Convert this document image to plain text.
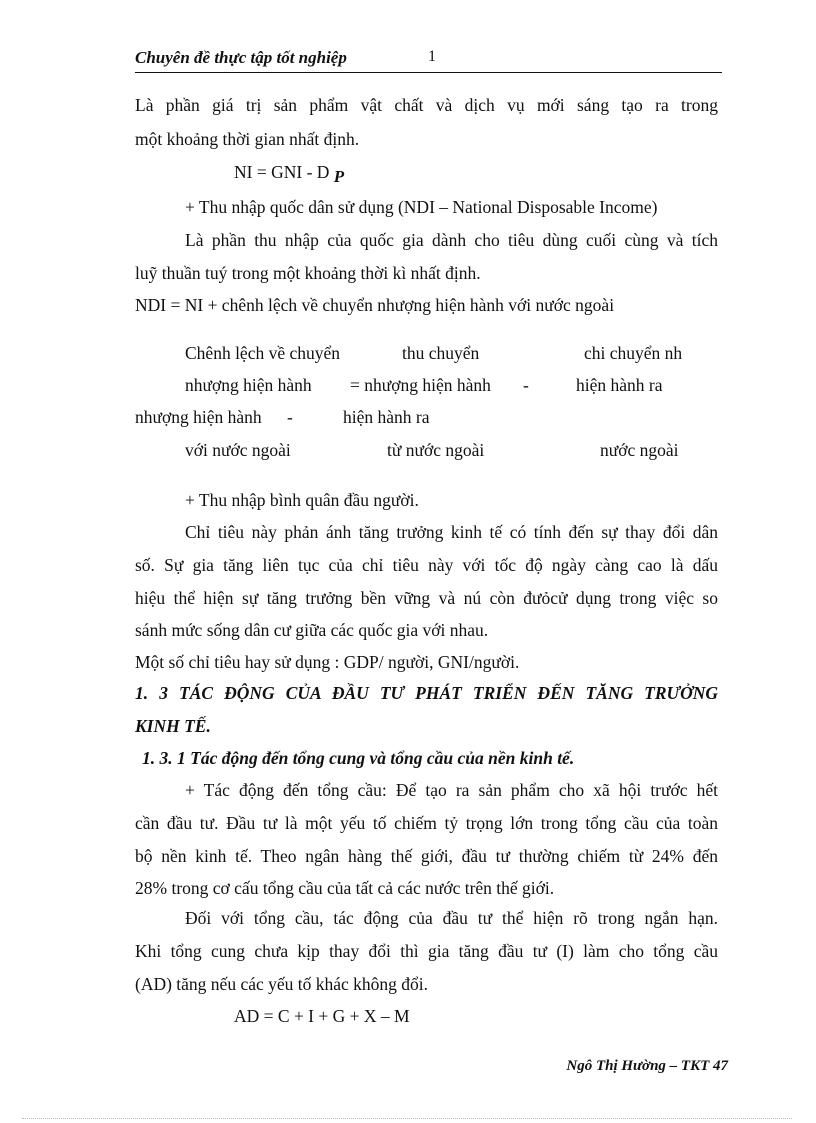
Chuyên đề thực tập tốt nghiệp	1
Là phần giá trị sản phẩm vật chất và dịch vụ mới sáng tạo ra trong
một khoảng thời gian nhất định.
NI = GNI - D P
+ Thu nhập quốc dân sử dụng (NDI – National Disposable Income)
Là phần thu nhập của quốc gia dành cho tiêu dùng cuối cùng và tích
luỹ thuần tuý trong một khoảng thời kì nhất định.
NDI = NI + chênh lệch về chuyển nhượng hiện hành với nước ngoài
Chênh lệch về chuyển	thu chuyển	chi chuyển nh
nhượng hiện hành = nhượng hiện hành -	hiện hành ra
nhượng hiện hành -	hiện hành ra
với nước ngoài	từ nước ngoài	nước ngoài
+ Thu nhập bình quân đầu người.
Chỉ tiêu này phản ánh tăng trưởng kinh tế có tính đến sự thay đổi dân
số. Sự gia tăng liên tục của chỉ tiêu này với tốc độ ngày càng cao là dấu
hiệu thể hiện sự tăng trưởng bền vững và nú còn đưỏcử dụng trong việc so
sánh mức sống dân cư giữa các quốc gia với nhau.
Một số chỉ tiêu hay sử dụng : GDP/ người, GNI/người.
1. 3 TÁC ĐỘNG CỦA ĐẦU TƯ PHÁT TRIỂN ĐẾN TĂNG TRƯỞNG
KINH TẾ.
1. 3. 1 Tác động đến tổng cung và tổng cầu của nền kinh tế.
+ Tác động đến tổng cầu: Để tạo ra sản phẩm cho xã hội trước hết
cần đầu tư. Đầu tư là một yếu tố chiếm tỷ trọng lớn trong tổng cầu của toàn
bộ nền kinh tế. Theo ngân hàng thế giới, đầu tư thường chiếm từ 24% đến
28% trong cơ cấu tổng cầu của tất cả các nước trên thế giới.
Đối với tổng cầu, tác động của đầu tư thể hiện rõ trong ngắn hạn.
Khi tổng cung chưa kịp thay đổi thì gia tăng đầu tư (I) làm cho tổng cầu
(AD) tăng nếu các yếu tố khác không đổi.
AD = C + I + G + X – M
Ngô Thị Hường – TKT 47
